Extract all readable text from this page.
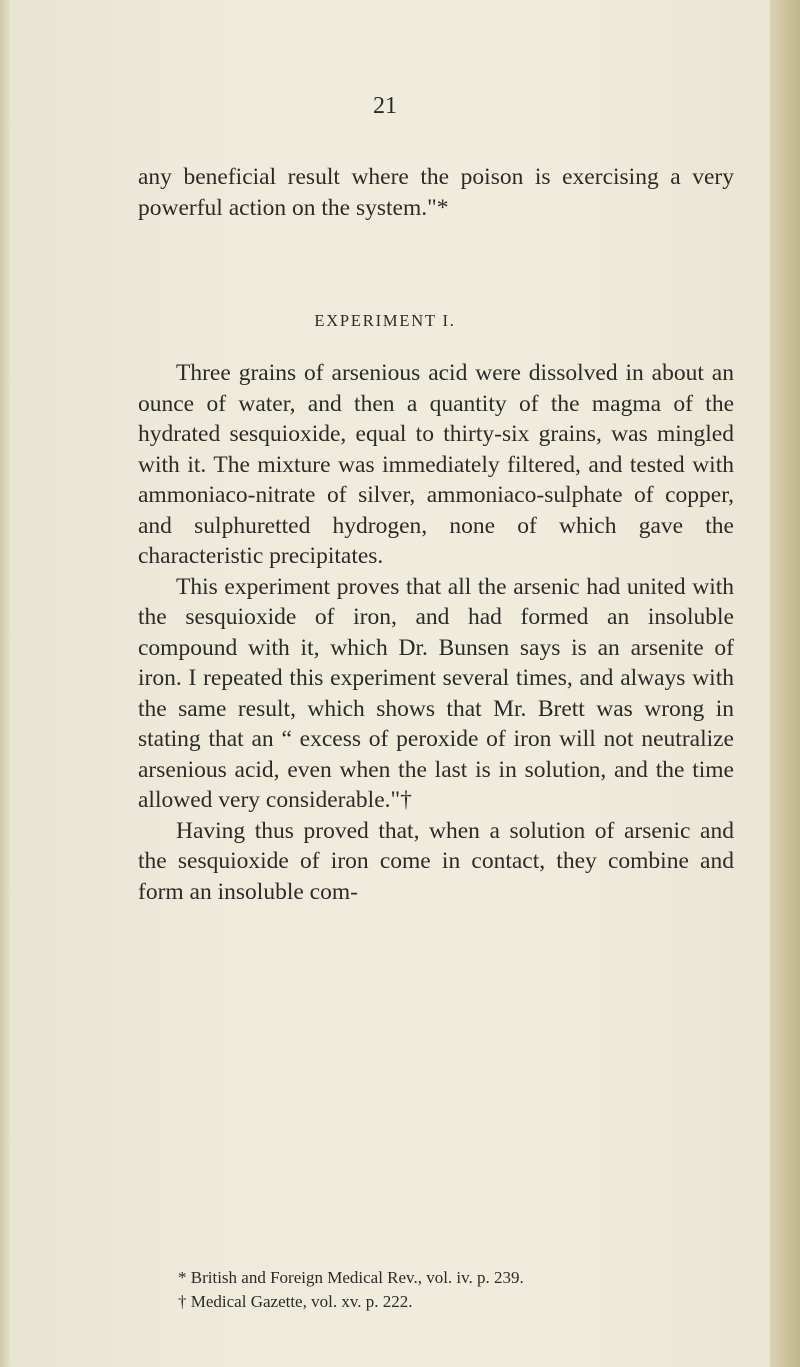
21

any beneficial result where the poison is exercising a very powerful action on the system."*

EXPERIMENT I.

Three grains of arsenious acid were dissolved in about an ounce of water, and then a quantity of the magma of the hydrated sesquioxide, equal to thirty-six grains, was mingled with it. The mixture was immediately filtered, and tested with ammoniaco-nitrate of silver, ammoniaco-sulphate of copper, and sulphuretted hydrogen, none of which gave the characteristic precipitates.

This experiment proves that all the arsenic had united with the sesquioxide of iron, and had formed an insoluble compound with it, which Dr. Bunsen says is an arsenite of iron. I repeated this experiment several times, and always with the same result, which shows that Mr. Brett was wrong in stating that an “ excess of peroxide of iron will not neutralize arsenious acid, even when the last is in solution, and the time allowed very considerable."†

Having thus proved that, when a solution of arsenic and the sesquioxide of iron come in contact, they combine and form an insoluble com-

* British and Foreign Medical Rev., vol. iv. p. 239.
† Medical Gazette, vol. xv. p. 222.
